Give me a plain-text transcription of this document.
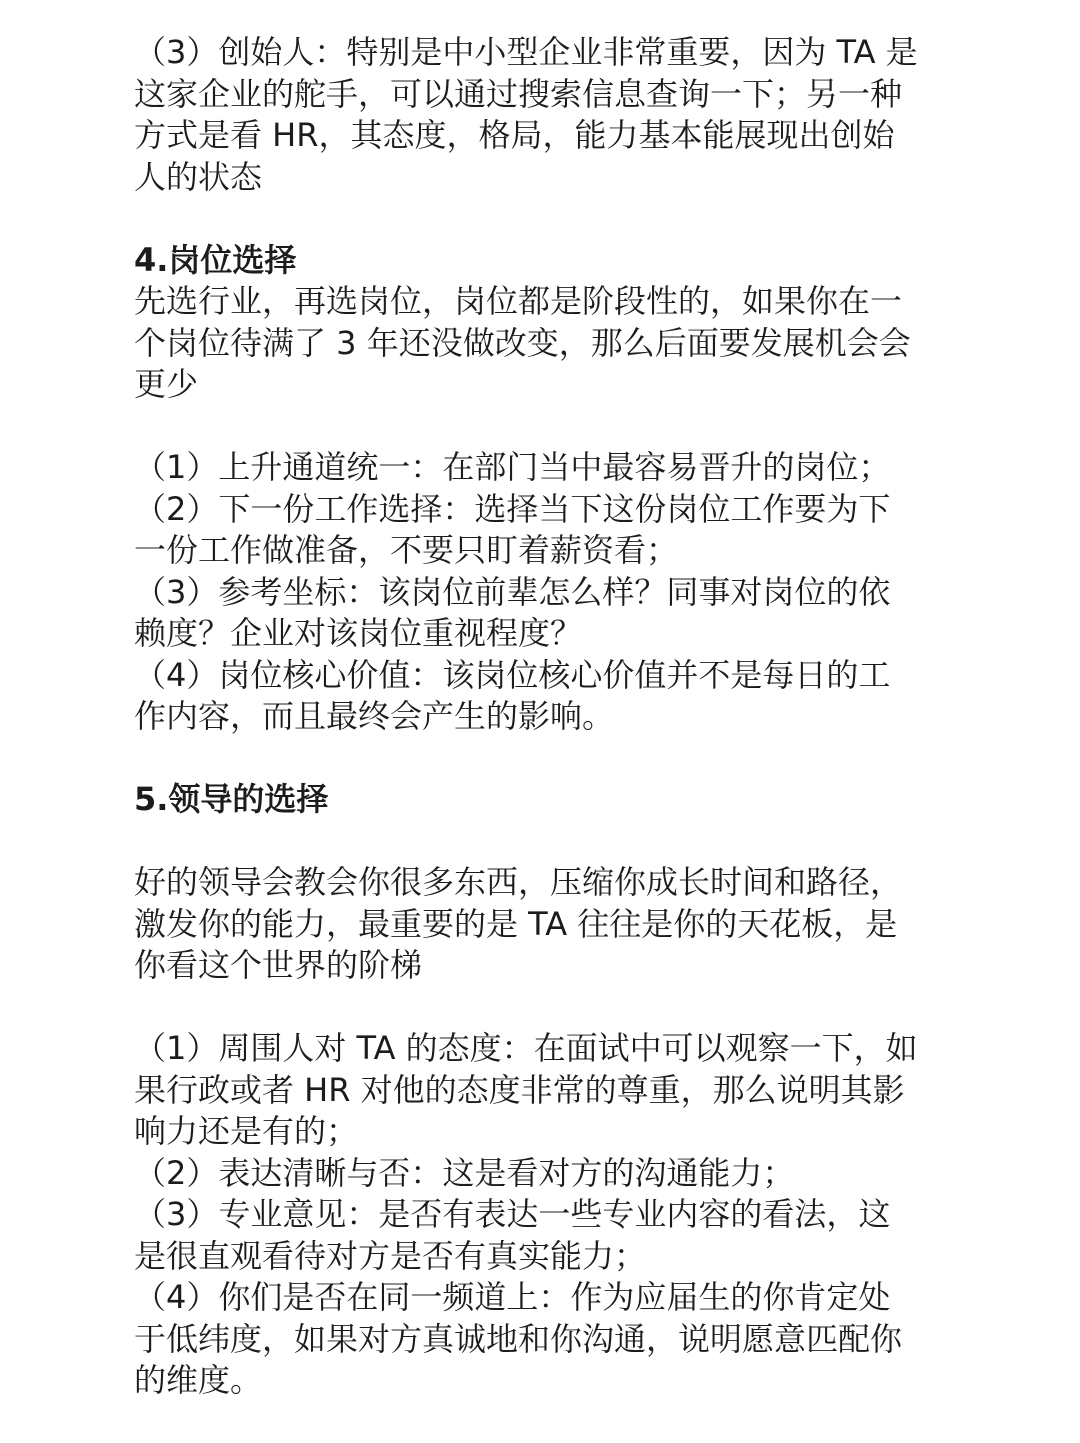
（3）创始人：特别是中小型企业非常重要，因为 TA 是

这家企业的舵手，可以通过搜索信息查询一下；另一种

方式是看 HR，其态度，格局，能力基本能展现出创始

人的状态

4.岗位选择

先选行业，再选岗位，岗位都是阶段性的，如果你在一

个岗位待满了 3 年还没做改变，那么后面要发展机会会

更少

（1）上升通道统一：在部门当中最容易晋升的岗位；

（2）下一份工作选择：选择当下这份岗位工作要为下

一份工作做准备，不要只盯着薪资看；

（3）参考坐标：该岗位前辈怎么样？同事对岗位的依

赖度？企业对该岗位重视程度？

（4）岗位核心价值：该岗位核心价值并不是每日的工

作内容，而且最终会产生的影响。

5.领导的选择

好的领导会教会你很多东西，压缩你成长时间和路径，

激发你的能力，最重要的是 TA 往往是你的天花板，是

你看这个世界的阶梯

（1）周围人对 TA 的态度：在面试中可以观察一下，如

果行政或者 HR 对他的态度非常的尊重，那么说明其影

响力还是有的；

（2）表达清晰与否：这是看对方的沟通能力；

（3）专业意见：是否有表达一些专业内容的看法，这

是很直观看待对方是否有真实能力；

（4）你们是否在同一频道上：作为应届生的你肯定处

于低纬度，如果对方真诚地和你沟通，说明愿意匹配你

的维度。
